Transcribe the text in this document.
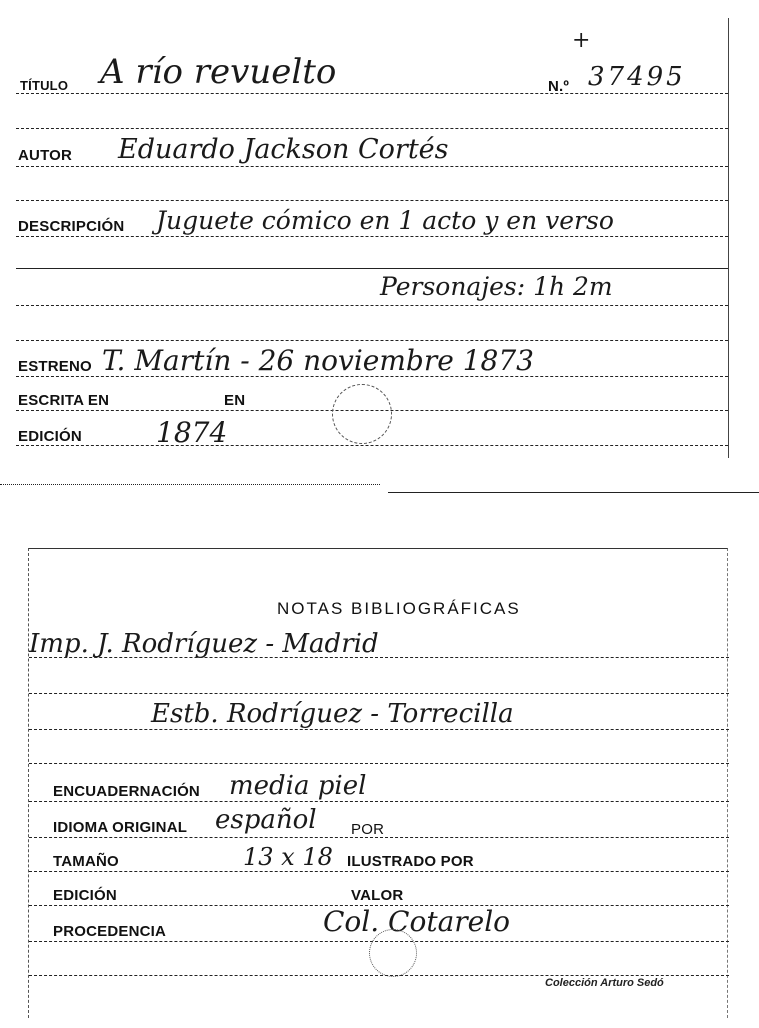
+
TÍTULO A río revuelto	N.º 37495
AUTOR Eduardo Jackson Cortés
DESCRIPCIÓN Juguete cómico en 1 acto y en verso
Personajes: 1h 2m
ESTRENO T. Martín - 26 noviembre 1873
ESCRITA EN	EN
EDICIÓN	1874
NOTAS BIBLIOGRÁFICAS
Imp. J. Rodríguez - Madrid
Estb. Rodríguez - Torrecilla
ENCUADERNACIÓN media piel
IDIOMA ORIGINAL español POR
TAMAÑO	13 x 18 ILUSTRADO POR
EDICIÓN	VALOR
PROCEDENCIA	Col. Cotarelo
Colección Arturo Sedó
